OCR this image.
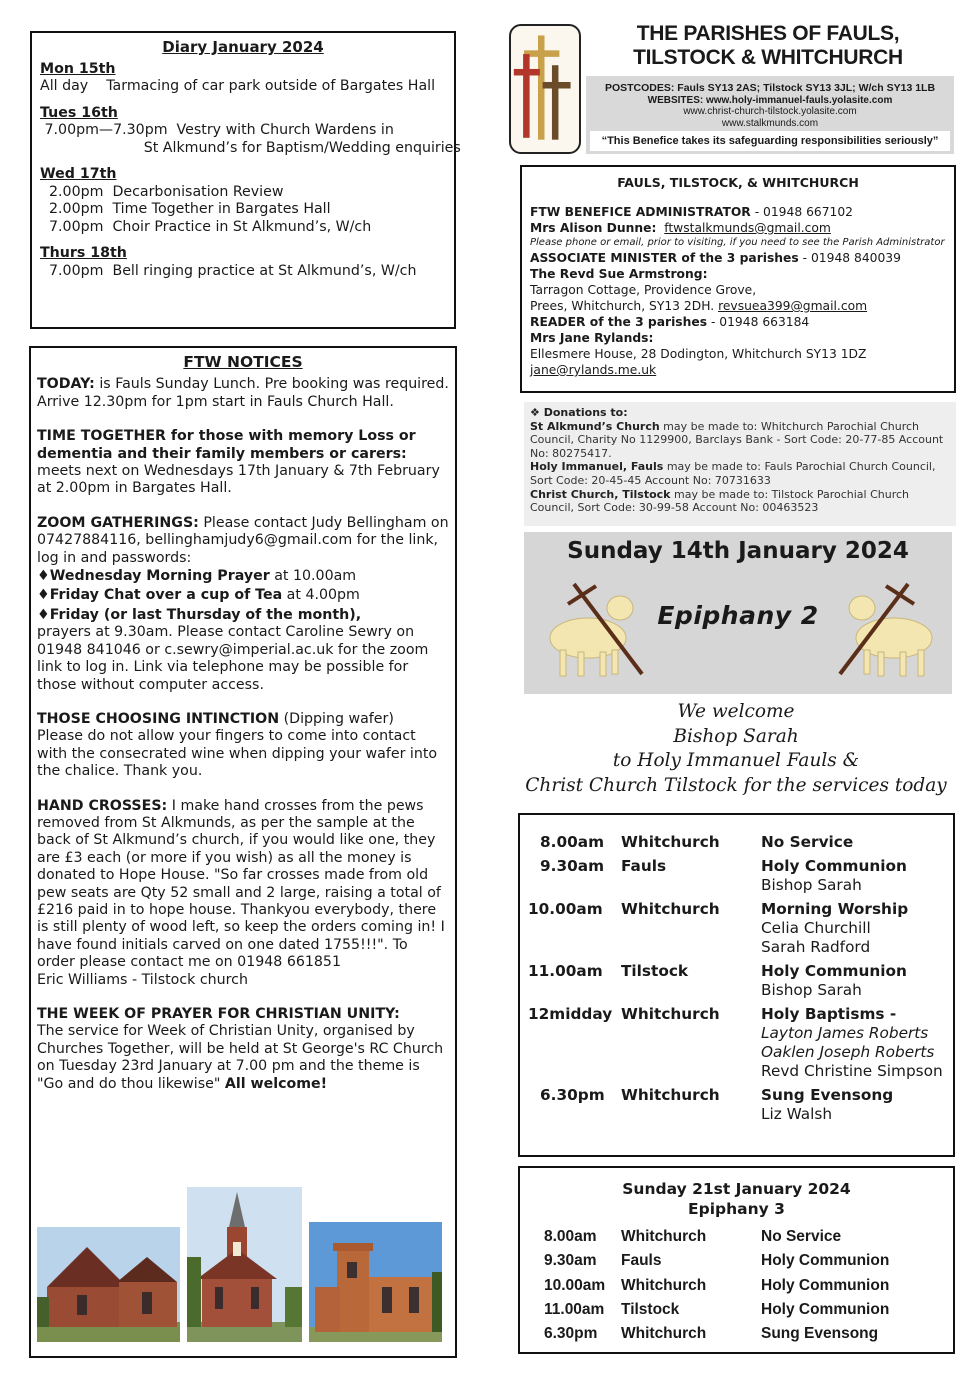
Diary January 2024
Mon 15th
All day    Tarmacing of car park outside of Bargates Hall
Tues 16th
7.00pm—7.30pm  Vestry with Church Wardens in
St Alkmund’s for Baptism/Wedding enquiries
Wed 17th
2.00pm  Decarbonisation Review
2.00pm  Time Together in Bargates Hall
7.00pm  Choir Practice in St Alkmund’s, W/ch
Thurs 18th
7.00pm  Bell ringing practice at St Alkmund’s, W/ch
FTW NOTICES

TODAY: is Fauls Sunday Lunch. Pre booking was required. Arrive 12.30pm for 1pm start in Fauls Church Hall.

TIME TOGETHER for those with memory Loss or dementia and their family members or carers:
meets next on Wednesdays 17th January & 7th February at 2.00pm in Bargates Hall.

ZOOM GATHERINGS: Please contact Judy Bellingham on 07427884116, bellinghamjudy6@gmail.com for the link, log in and passwords:
♦Wednesday Morning Prayer at 10.00am
♦Friday Chat over a cup of Tea at 4.00pm
♦Friday (or last Thursday of the month),
prayers at 9.30am. Please contact Caroline Sewry on 01948 841046 or c.sewry@imperial.ac.uk for the zoom link to log in. Link via telephone may be possible for those without computer access.

THOSE CHOOSING INTINCTION (Dipping wafer)
Please do not allow your fingers to come into contact with the consecrated wine when dipping your wafer into the chalice. Thank you.

HAND CROSSES: I make hand crosses from the pews removed from St Alkmunds, as per the sample at the back of St Alkmund’s church, if you would like one, they are £3 each (or more if you wish) as all the money is donated to Hope House. "So far crosses made from old pew seats are Qty 52 small and 2 large, raising a total of £216 paid in to hope house. Thankyou everybody, there is still plenty of wood left, so keep the orders coming in! I have found initials carved on one dated 1755!!!". To order please contact me on 01948 661851
Eric Williams - Tilstock church

THE WEEK OF PRAYER FOR CHRISTIAN UNITY:
The service for Week of Christian Unity, organised by Churches Together, will be held at St George's RC Church on Tuesday 23rd January at 7.00 pm and the theme is "Go and do thou likewise" All welcome!

THE PARISHES OF FAULS,
TILSTOCK & WHITCHURCH
POSTCODES: Fauls SY13 2AS; Tilstock SY13 3JL; W/ch SY13 1LB
WEBSITES: www.holy-immanuel-fauls.yolasite.com
www.christ-church-tilstock.yolasite.com
www.stalkmunds.com
“This Benefice takes its safeguarding responsibilities seriously”
FAULS, TILSTOCK, & WHITCHURCH
FTW BENEFICE ADMINISTRATOR - 01948 667102
Mrs Alison Dunne: ftwstalkmunds@gmail.com
Please phone or email, prior to visiting, if you need to see the Parish Administrator
ASSOCIATE MINISTER of the 3 parishes - 01948 840039
The Revd Sue Armstrong:
Tarragon Cottage, Providence Grove,
Prees, Whitchurch, SY13 2DH. revsuea399@gmail.com
READER of the 3 parishes - 01948 663184
Mrs Jane Rylands:
Ellesmere House, 28 Dodington, Whitchurch SY13 1DZ
jane@rylands.me.uk
❖ Donations to:
St Alkmund’s Church may be made to: Whitchurch Parochial Church Council, Charity No 1129900, Barclays Bank - Sort Code: 20-77-85 Account No: 80275417.
Holy Immanuel, Fauls may be made to: Fauls Parochial Church Council, Sort Code: 20-45-45 Account No: 70731633
Christ Church, Tilstock may be made to: Tilstock Parochial Church Council, Sort Code: 30-99-58 Account No: 00463523
Sunday 14th January 2024
Epiphany 2
We welcome
Bishop Sarah
to Holy Immanuel Fauls &
Christ Church Tilstock for the services today
8.00am	Whitchurch	No Service
9.30am	Fauls	Holy Communion
Bishop Sarah
10.00am	Whitchurch	Morning Worship
Celia Churchill
Sarah Radford
11.00am	Tilstock	Holy Communion
Bishop Sarah
12midday Whitchurch	Holy Baptisms -
Layton James Roberts
Oaklen Joseph Roberts
Revd Christine Simpson
6.30pm	Whitchurch	Sung Evensong
Liz Walsh
Sunday 21st January 2024
Epiphany 3
8.00am	Whitchurch	No Service
9.30am	Fauls	Holy Communion
10.00am	Whitchurch	Holy Communion
11.00am	Tilstock	Holy Communion
6.30pm	Whitchurch	Sung Evensong
